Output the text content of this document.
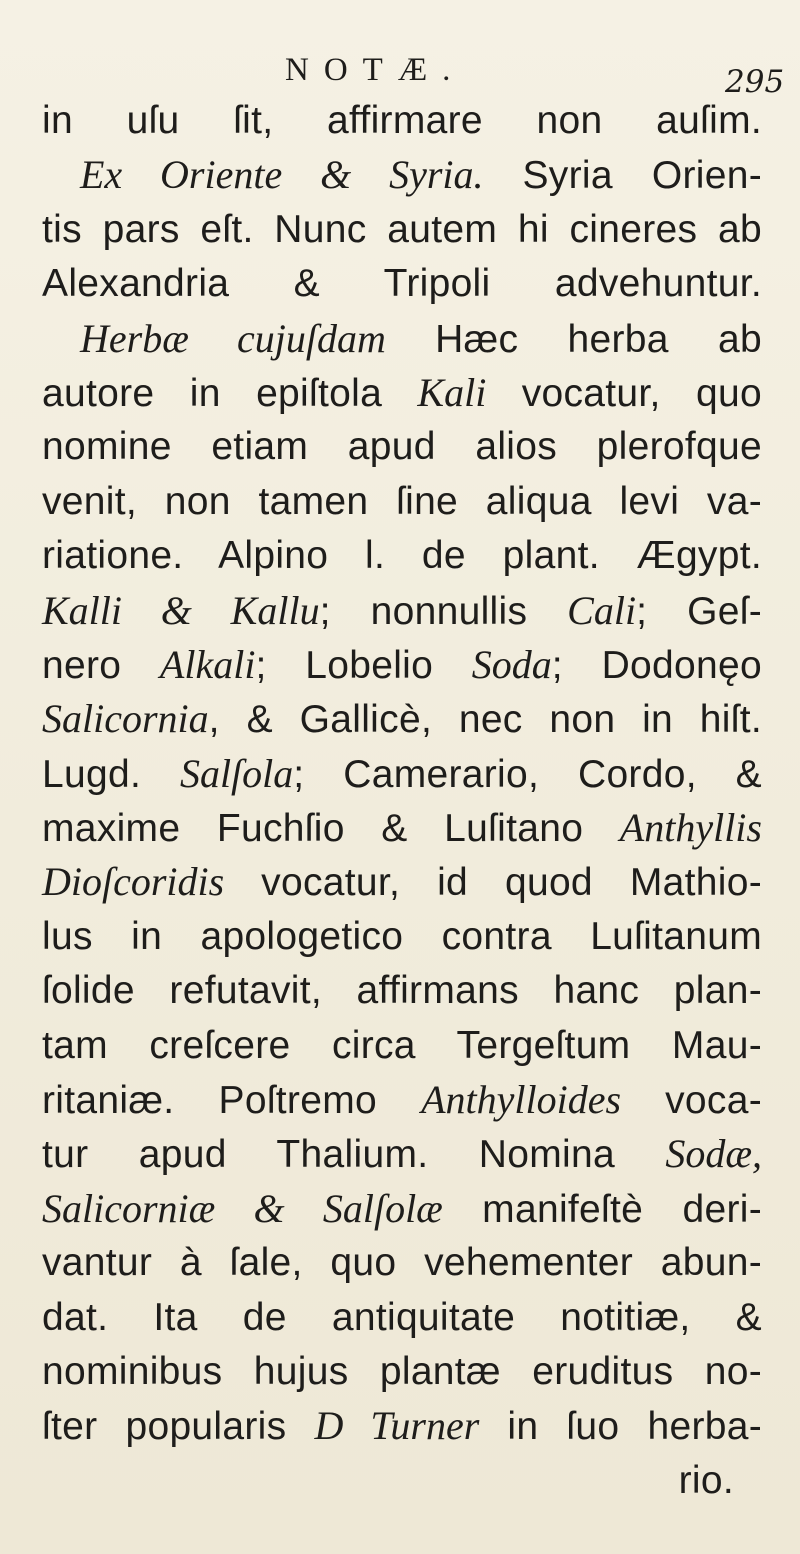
NOTÆ.	295
in uſu ſit, affirmare non auſim.
Ex Oriente & Syria. Syria Orien-
tis pars eſt. Nunc autem hi cineres ab
Alexandria & Tripoli advehuntur.
Herbæ cujuſdam Hæc herba ab
autore in epiſtola Kali vocatur, quo
nomine etiam apud alios plerofque
venit, non tamen ſine aliqua levi va-
riatione. Alpino l. de plant. Ægypt.
Kalli & Kallu; nonnullis Cali; Geſ-
nero Alkali; Lobelio Soda; Dodonęo
Salicornia, & Gallicè, nec non in hiſt.
Lugd. Salſola; Camerario, Cordo, &
maxime Fuchſio & Luſitano Anthyllis
Dioſcoridis vocatur, id quod Mathio-
lus in apologetico contra Luſitanum
ſolide refutavit, affirmans hanc plan-
tam creſcere circa Tergeſtum Mau-
ritaniæ. Poſtremo Anthylloides voca-
tur apud Thalium. Nomina Sodæ,
Salicorniæ & Salſolæ manifeſtè deri-
vantur à ſale, quo vehementer abun-
dat. Ita de antiquitate notitiæ, &
nominibus hujus plantæ eruditus no-
ſter popularis D Turner in ſuo herba-
rio.
